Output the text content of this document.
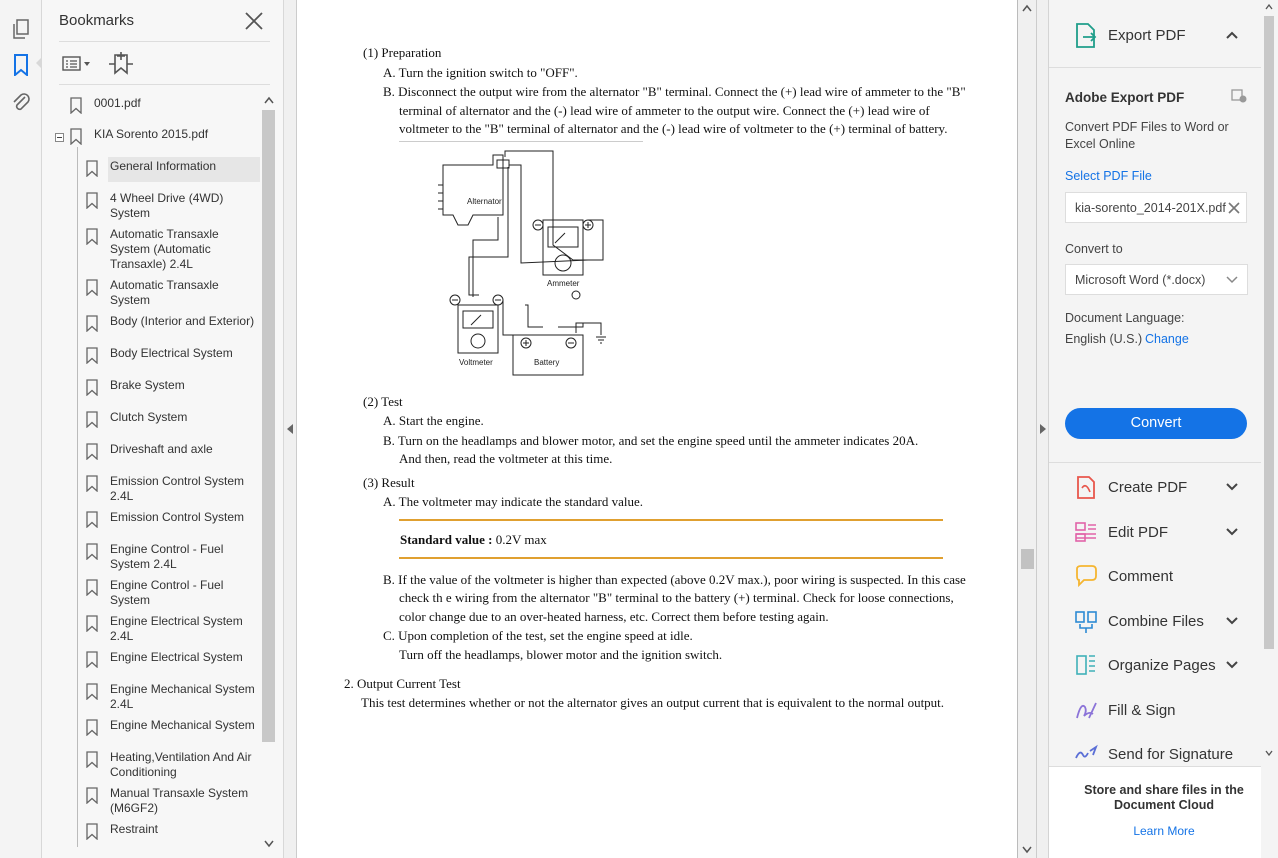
Bookmarks
0001.pdf
KIA Sorento 2015.pdf
General Information
4 Wheel Drive (4WD) System
Automatic Transaxle System (Automatic Transaxle) 2.4L
Automatic Transaxle System
Body (Interior and Exterior)
Body Electrical System
Brake System
Clutch System
Driveshaft and axle
Emission Control System 2.4L
Emission Control System
Engine Control - Fuel System 2.4L
Engine Control - Fuel System
Engine Electrical System 2.4L
Engine Electrical System
Engine Mechanical System 2.4L
Engine Mechanical System
Heating,Ventilation And Air Conditioning
Manual Transaxle System (M6GF2)
Restraint
(1) Preparation
A. Turn the ignition switch to "OFF".
B. Disconnect the output wire from the alternator "B" terminal. Connect the (+) lead wire of ammeter to the "B"
terminal of alternator and the (-) lead wire of ammeter to the output wire. Connect the (+) lead wire of
voltmeter to the "B" terminal of alternator and the (-) lead wire of voltmeter to the (+) terminal of battery.
Alternator
Ammeter
Voltmeter	Battery
(2) Test
A. Start the engine.
B. Turn on the headlamps and blower motor, and set the engine speed until the ammeter indicates 20A.
And then, read the voltmeter at this time.
(3) Result
A. The voltmeter may indicate the standard value.
Standard value : 0.2V max
B. If the value of the voltmeter is higher than expected (above 0.2V max.), poor wiring is suspected. In this case
check th e wiring from the alternator "B" terminal to the battery (+) terminal. Check for loose connections,
color change due to an over-heated harness, etc. Correct them before testing again.
C. Upon completion of the test, set the engine speed at idle.
Turn off the headlamps, blower motor and the ignition switch.
2. Output Current Test
This test determines whether or not the alternator gives an output current that is equivalent to the normal output.
Export PDF
Adobe Export PDF
Convert PDF Files to Word or Excel Online
Select PDF File
kia-sorento_2014-201X.pdf
Convert to
Microsoft Word (*.docx)
Document Language:
English (U.S.) Change
Convert
Create PDF
Edit PDF
Comment
Combine Files
Organize Pages
Fill & Sign
Send for Signature
Store and share files in the Document Cloud
Learn More
